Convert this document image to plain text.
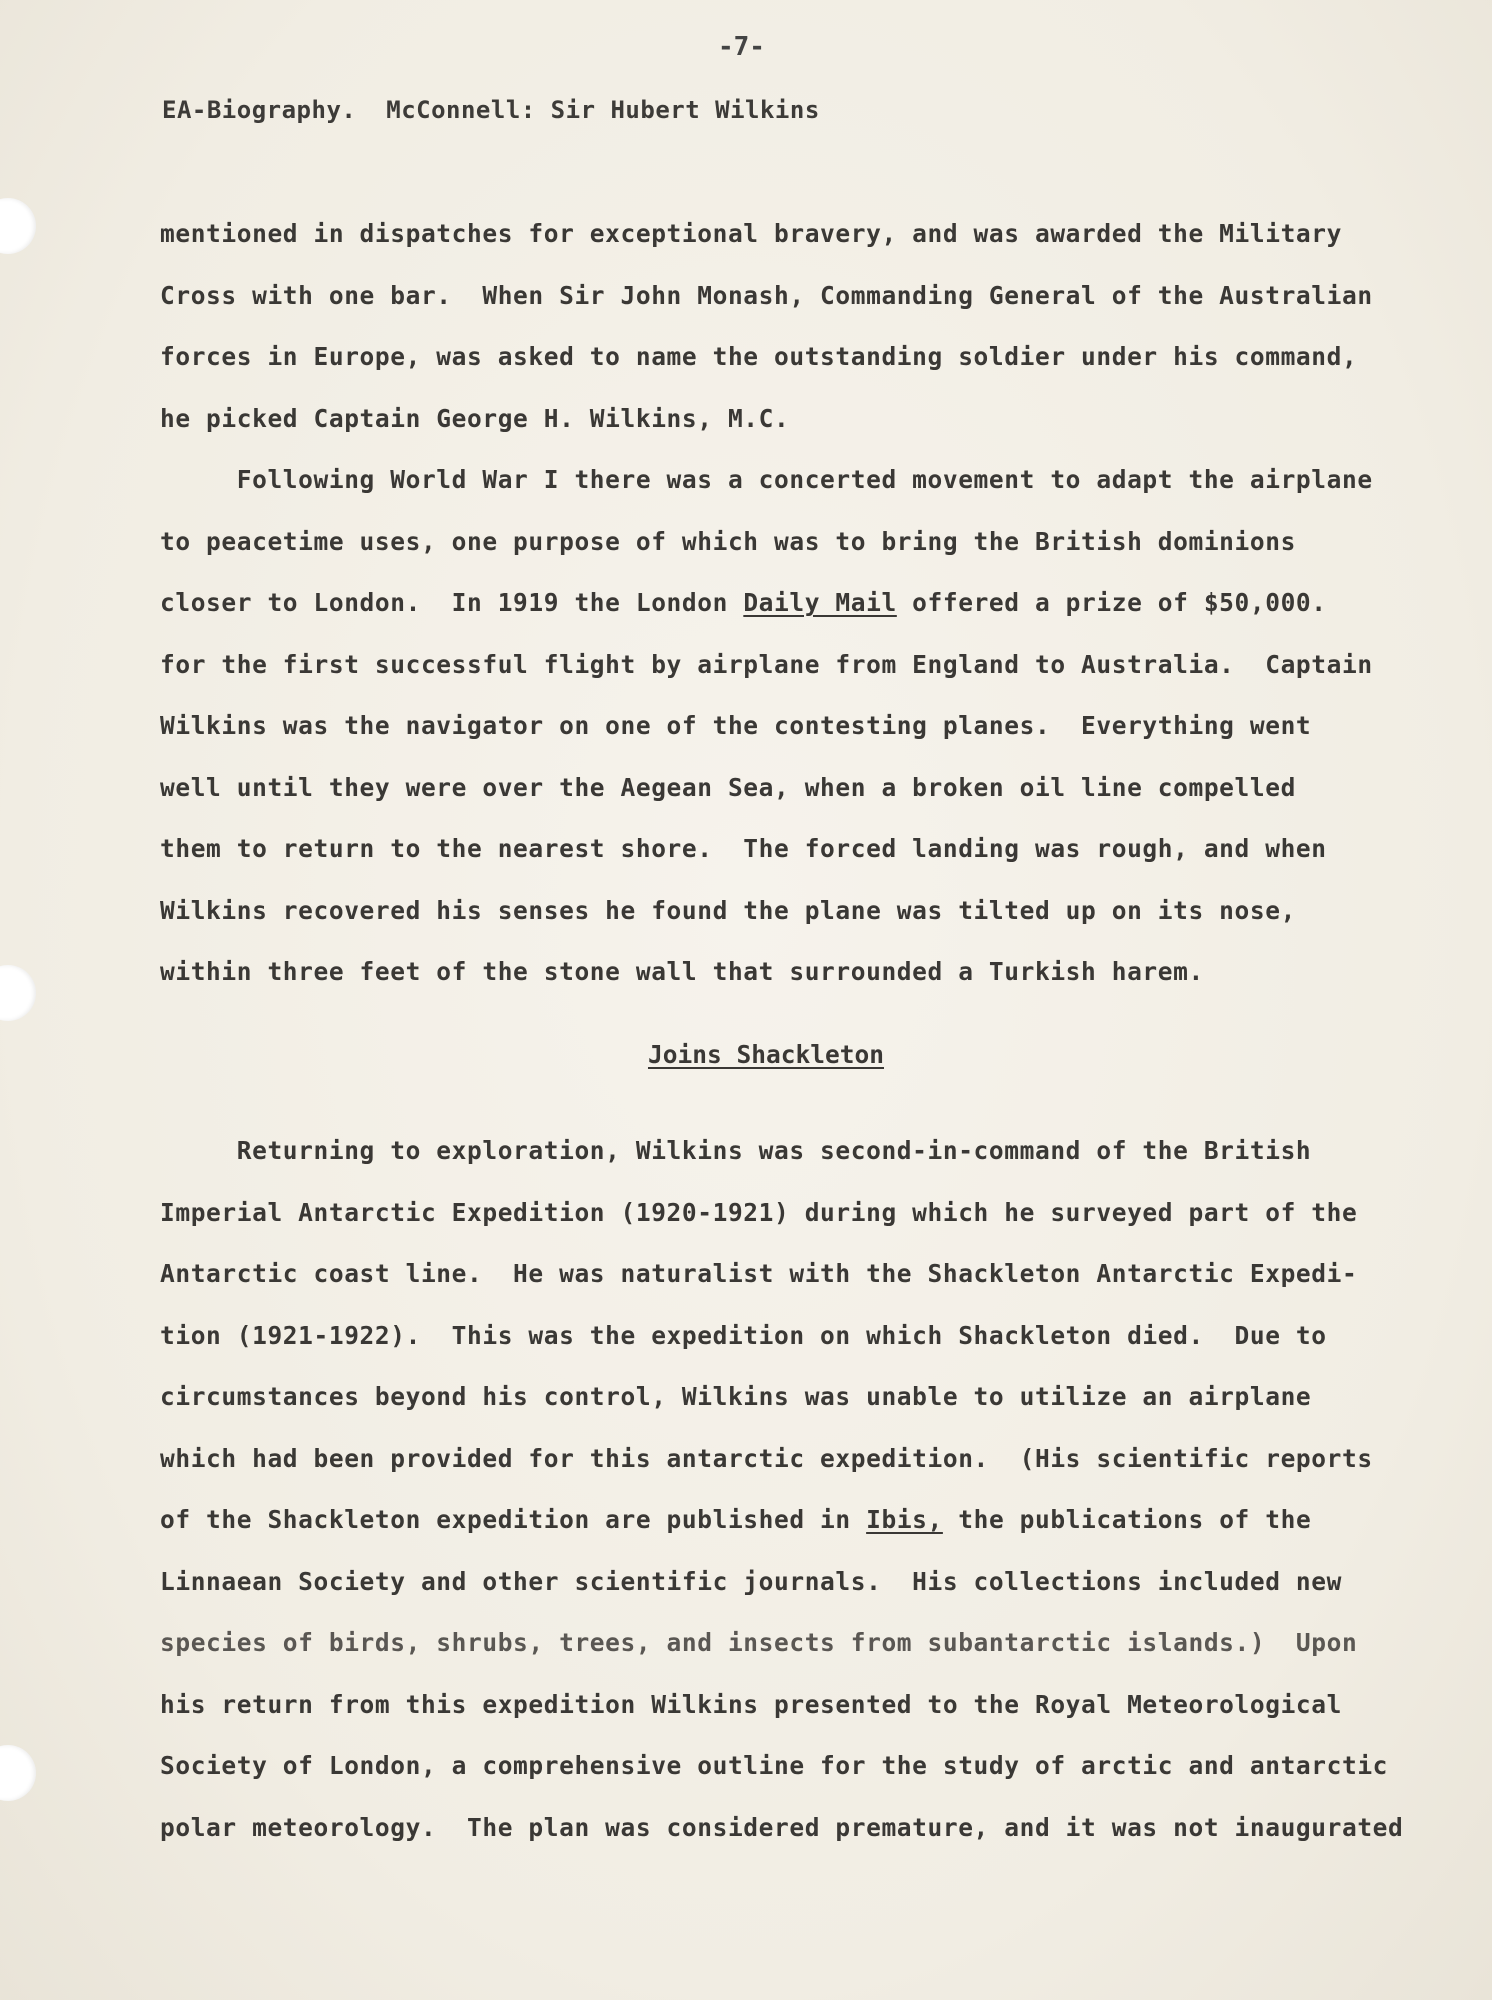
-7-
EA-Biography.  McConnell: Sir Hubert Wilkins
mentioned in dispatches for exceptional bravery, and was awarded the Military
Cross with one bar.  When Sir John Monash, Commanding General of the Australian
forces in Europe, was asked to name the outstanding soldier under his command,
he picked Captain George H. Wilkins, M.C.
Following World War I there was a concerted movement to adapt the airplane
to peacetime uses, one purpose of which was to bring the British dominions
closer to London.  In 1919 the London Daily Mail offered a prize of $50,000.
for the first successful flight by airplane from England to Australia.  Captain
Wilkins was the navigator on one of the contesting planes.  Everything went
well until they were over the Aegean Sea, when a broken oil line compelled
them to return to the nearest shore.  The forced landing was rough, and when
Wilkins recovered his senses he found the plane was tilted up on its nose,
within three feet of the stone wall that surrounded a Turkish harem.
Joins Shackleton
Returning to exploration, Wilkins was second-in-command of the British
Imperial Antarctic Expedition (1920-1921) during which he surveyed part of the
Antarctic coast line.  He was naturalist with the Shackleton Antarctic Expedi-
tion (1921-1922).  This was the expedition on which Shackleton died.  Due to
circumstances beyond his control, Wilkins was unable to utilize an airplane
which had been provided for this antarctic expedition.  (His scientific reports
of the Shackleton expedition are published in Ibis, the publications of the
Linnaean Society and other scientific journals.  His collections included new
species of birds, shrubs, trees, and insects from subantarctic islands.)  Upon
his return from this expedition Wilkins presented to the Royal Meteorological
Society of London, a comprehensive outline for the study of arctic and antarctic
polar meteorology.  The plan was considered premature, and it was not inaugurated
